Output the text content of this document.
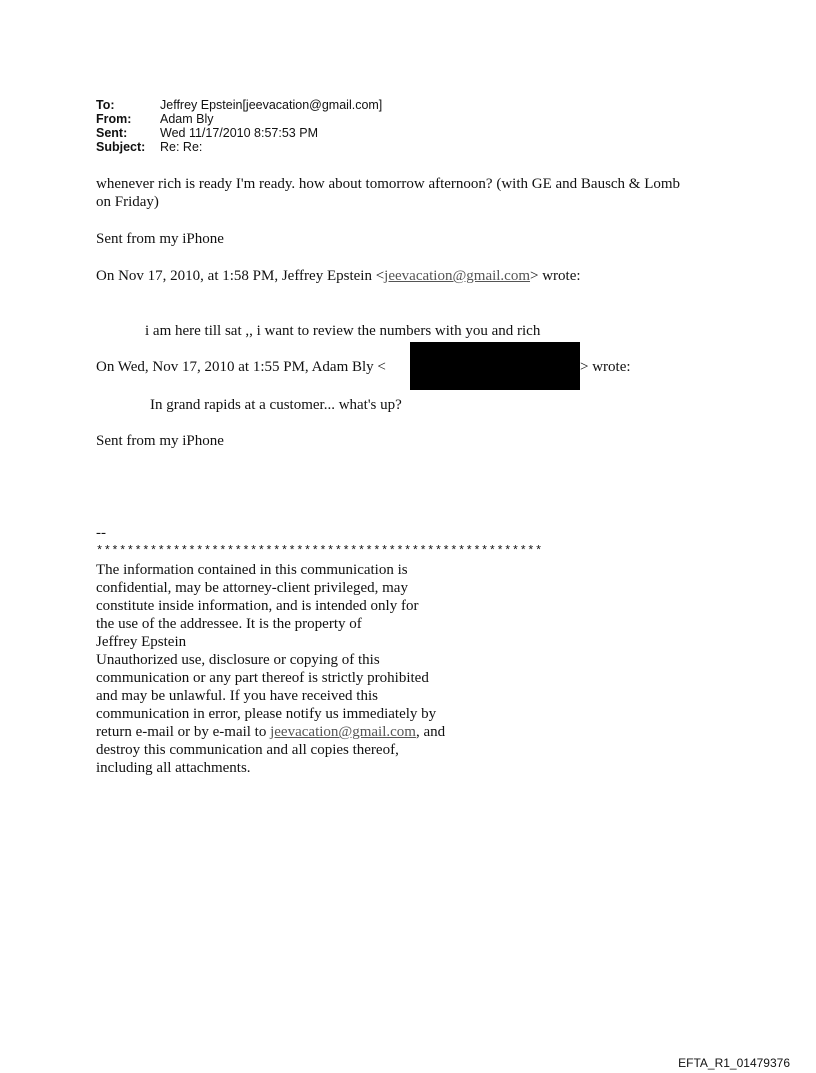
To:	Jeffrey Epstein[jeevacation@gmail.com]
From:	Adam Bly
Sent:	Wed 11/17/2010 8:57:53 PM
Subject:	Re: Re:
whenever rich is ready I'm ready. how about tomorrow afternoon? (with GE and Bausch & Lomb
on Friday)
Sent from my iPhone
On Nov 17, 2010, at 1:58 PM, Jeffrey Epstein <jeevacation@gmail.com> wrote:
i am here till sat ,, i want to review the numbers with you and rich
On Wed, Nov 17, 2010 at 1:55 PM, Adam Bly <	> wrote:
In grand rapids at a customer... what's up?
Sent from my iPhone
--
**********************************************************
The information contained in this communication is
confidential, may be attorney-client privileged, may
constitute inside information, and is intended only for
the use of the addressee. It is the property of
Jeffrey Epstein
Unauthorized use, disclosure or copying of this
communication or any part thereof is strictly prohibited
and may be unlawful. If you have received this
communication in error, please notify us immediately by
return e-mail or by e-mail to jeevacation@gmail.com, and
destroy this communication and all copies thereof,
including all attachments.
EFTA_R1_01479376
